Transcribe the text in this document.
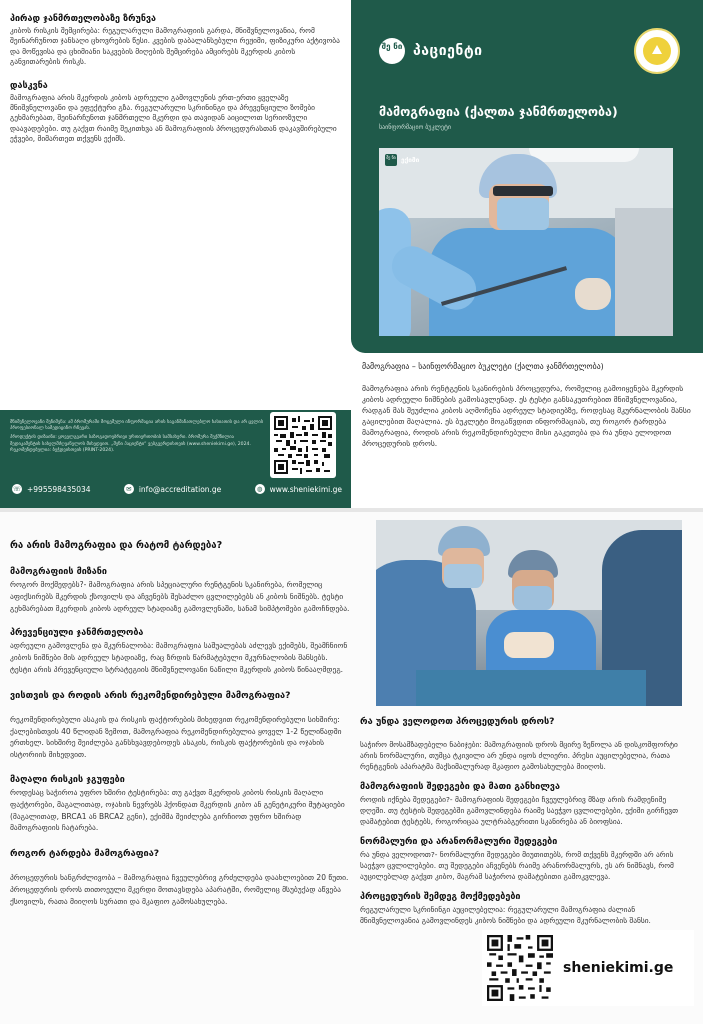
პირად ჯანმრთელობაზე ზრუნვა
კიბოს რისკის შემცირება: რეგულარული მამოგრაფიის გარდა, მნიშვნელოვანია, რომ შეინარჩუნოთ ჯანსაღი ცხოვრების წესი. კვების დაბალანსებული რეჟიმი, ფიზიკური აქტივობა და მოწევისა და ცხიმიანი საკვების მიღების შემცირება ამცირებს მკერდის კიბოს განვითარების რისკს.
დასკვნა
მამოგრაფია არის მკერდის კიბოს ადრეული გამოვლენის ერთ-ერთი ყველაზე მნიშვნელოვანი და ეფექტური გზა. რეგულარული სკრინინგი და პრევენციული ზომები გეხმარებათ, შეინარჩუნოთ ჯანმრთელი მკერდი და თავიდან აიცილოთ სერიოზული დაავადებები. თუ გაქვთ რაიმე შეკითხვა ან მამოგრაფიის პროცედურასთან დაკავშირებული ეჭვები, მიმართეთ თქვენს ექიმს.

მნიშვნელოვანი შენიშვნა: ამ ბროშურაში მოცემული ინფორმაცია არის საგანმანათლებლო ხასიათის და არ ცვლის პროფესიონალ სამედიცინო რჩევას.

პროდუქტის დიზაინი: ყოველგვარი საზოგადოებრივი ურთიერთობის სამსახური. ბროშურა შექმნილია მედიკამენტის სახელმძღვანელოს მიხედვით. „შენი პაციენტი“ ვებგვერდისთვის (www.sheniekimi.ge), 2024. რეკომენდებულია: ბეჭდვისთვის (PRINT-2024).

☏ +995598435034	✉ info@accreditation.ge	◍ www.sheniekimi.ge
შე ნი პაციენტი
მამოგრაფია (ქალთა ჯანმრთელობა)
საინფორმაციო ბუკლეტი
შე ნი ექიმი
მამოგრაფია – საინფორმაციო ბუკლეტი (ქალთა ჯანმრთელობა)
მამოგრაფია არის რენტგენის სკანირების პროცედურა, რომელიც გამოიყენება მკერდის კიბოს ადრეული ნიშნების გამოსავლენად. ეს ტესტი განსაკუთრებით მნიშვნელოვანია, რადგან მას შეუძლია კიბოს აღმოჩენა ადრეულ სტადიებზე, როდესაც მკურნალობის შანსი გაცილებით მაღალია. ეს ბუკლეტი მოგაწვდით ინფორმაციას, თუ როგორ ტარდება მამოგრაფია, როდის არის რეკომენდირებული მისი გაკეთება და რა უნდა ელოდოთ პროცედურის დროს.
რა არის მამოგრაფია და რატომ ტარდება?
მამოგრაფიის მიზანი
როგორ მოქმედებს?- მამოგრაფია არის სპეციალური რენტგენის სკანირება, რომელიც აფიქსირებს მკერდის ქსოვილს და აჩვენებს შესაძლო ცვლილებებს ან კიბოს ნიშნებს. ტესტი გეხმარებათ მკერდის კიბოს ადრეულ სტადიაზე გამოვლენაში, სანამ სიმპტომები გამოჩნდება.
პრევენციული ჯანმრთელობა
ადრეული გამოვლენა და მკურნალობა: მამოგრაფია საშუალებას აძლევს ექიმებს, შეამჩნიონ კიბოს ნიშნები მის ადრეულ სტადიაზე, რაც ზრდის წარმატებული მკურნალობის შანსებს. ტესტი არის პრევენციული სტრატეგიის მნიშვნელოვანი ნაწილი მკერდის კიბოს წინააღმდეგ.
ვისთვის და როდის არის რეკომენდირებული მამოგრაფია?
რეკომენდირებული ასაკის და რისკის ფაქტორების მიხედვით რეკომენდირებული სიხშირე: ქალებისთვის 40 წლიდან ზემოთ, მამოგრაფია რეკომენდირებულია ყოველ 1-2 წელიწადში ერთხელ. სიხშირე შეიძლება განსხვავდებოდეს ასაკის, რისკის ფაქტორების და ოჯახის ისტორიის მიხედვით.
მაღალი რისკის ჯგუფები
როდესაც საჭიროა უფრო ხშირი ტესტირება: თუ გაქვთ მკერდის კიბოს რისკის მაღალი ფაქტორები, მაგალითად, ოჯახის ნევრებს ჰქონდათ მკერდის კიბო ან გენეტიკური მუტაციები (მაგალითად, BRCA1 ან BRCA2 გენი), ექიმმა შეიძლება გირჩიოთ უფრო ხშირად მამოგრაფიის ჩატარება.
როგორ ტარდება მამოგრაფია?
პროცედურის ხანგრძლივობა – მამოგრაფია ჩვეულებრივ გრძელდება დაახლოებით 20 წუთი. პროცედურის დროს თითოეული მკერდი მოთავსდება აპარატში, რომელიც მსუბუქად აწვება ქსოვილს, რათა მიიღოს სურათი და მკაფიო გამოსახულება.
რა უნდა ველოდოთ პროცედურის დროს?
საჭირო მოსამზადებელი ნაბიჯები: მამოგრაფიის დროს მცირე ზეწოლა ან დისკომფორტი არის ნორმალური, თუმცა ტკივილი არ უნდა იყოს ძლიერი. პრესი აუცილებელია, რათა რენტგენის აპარატმა მაქსიმალურად მკაფიო გამოსახულება მიიღოს.
მამოგრაფიის შედეგები და მათი განხილვა
როდის იქნება შედეგები?- მამოგრაფიის შედეგები ჩვეულებრივ მზად არის რამდენიმე დღეში. თუ ტესტის შედეგებში გამოვლინდება რაიმე საეჭვო ცვლილებები, ექიმი გირჩევთ დამატებით ტესტებს, როგორიცაა ულტრაბგერითი სკანირება ან ბიოფსია.
ნორმალური და არანორმალური შედეგები
რა უნდა ველოდოთ?- ნორმალური შედეგები მიუთითებს, რომ თქვენს მკერდში არ არის საეჭვო ცვლილებები. თუ შედეგები აჩვენებს რაიმე არანორმალურს, ეს არ ნიშნავს, რომ აუცილებლად გაქვთ კიბო, მაგრამ საჭიროა დამატებითი გამოკვლევა.
პროცედურის შემდეგ მოქმედებები
რეგულარული სკრინინგი აუცილებელია: რეგულარული მამოგრაფია ძალიან მნიშვნელოვანია გამოვლინდეს კიბოს ნიშნები და ადრეული მკურნალობის შანსი.
sheniekimi.ge
